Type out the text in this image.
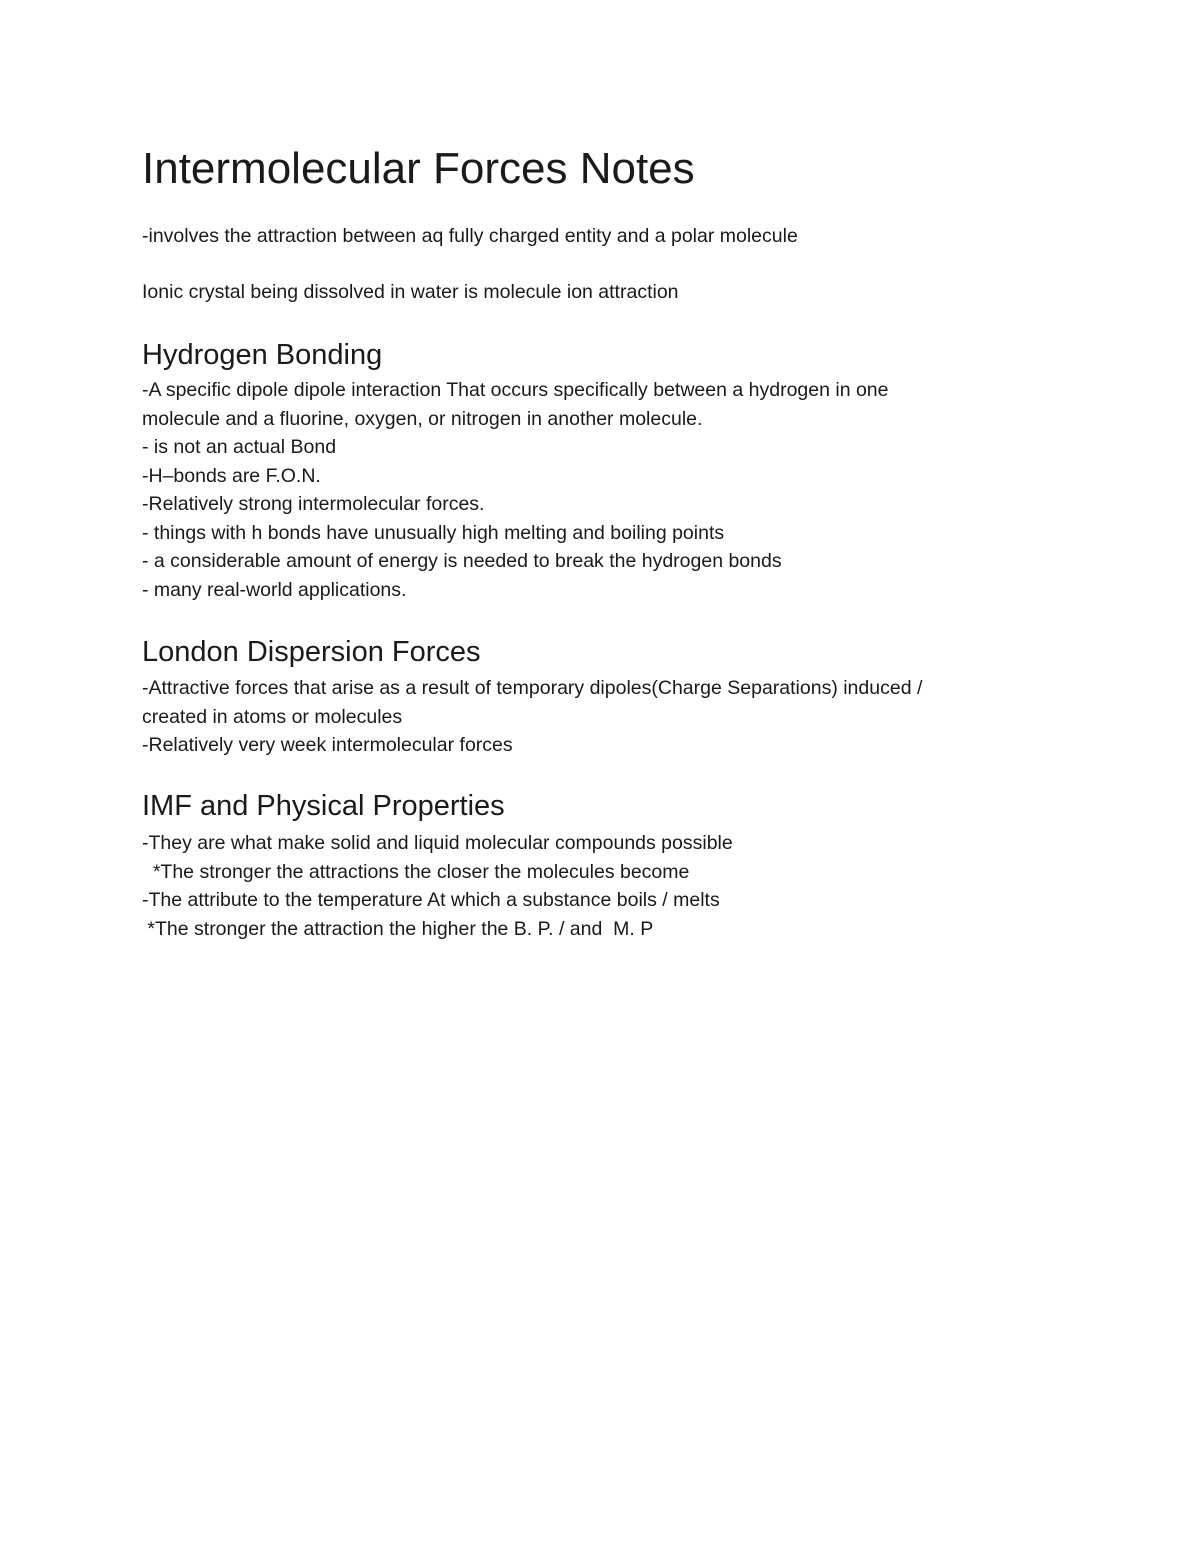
Intermolecular Forces Notes

-involves the attraction between aq fully charged entity and a polar molecule

Ionic crystal being dissolved in water is molecule ion attraction

Hydrogen Bonding
-A specific dipole dipole interaction That occurs specifically between a hydrogen in one
molecule and a fluorine, oxygen, or nitrogen in another molecule.
- is not an actual Bond
-H–bonds are F.O.N.
-Relatively strong intermolecular forces.
- things with h bonds have unusually high melting and boiling points
- a considerable amount of energy is needed to break the hydrogen bonds
- many real-world applications.
London Dispersion Forces
-Attractive forces that arise as a result of temporary dipoles(Charge Separations) induced /
created in atoms or molecules
-Relatively very week intermolecular forces
IMF and Physical Properties
-They are what make solid and liquid molecular compounds possible
*The stronger the attractions the closer the molecules become
-The attribute to the temperature At which a substance boils / melts
*The stronger the attraction the higher the B. P. / and  M. P
